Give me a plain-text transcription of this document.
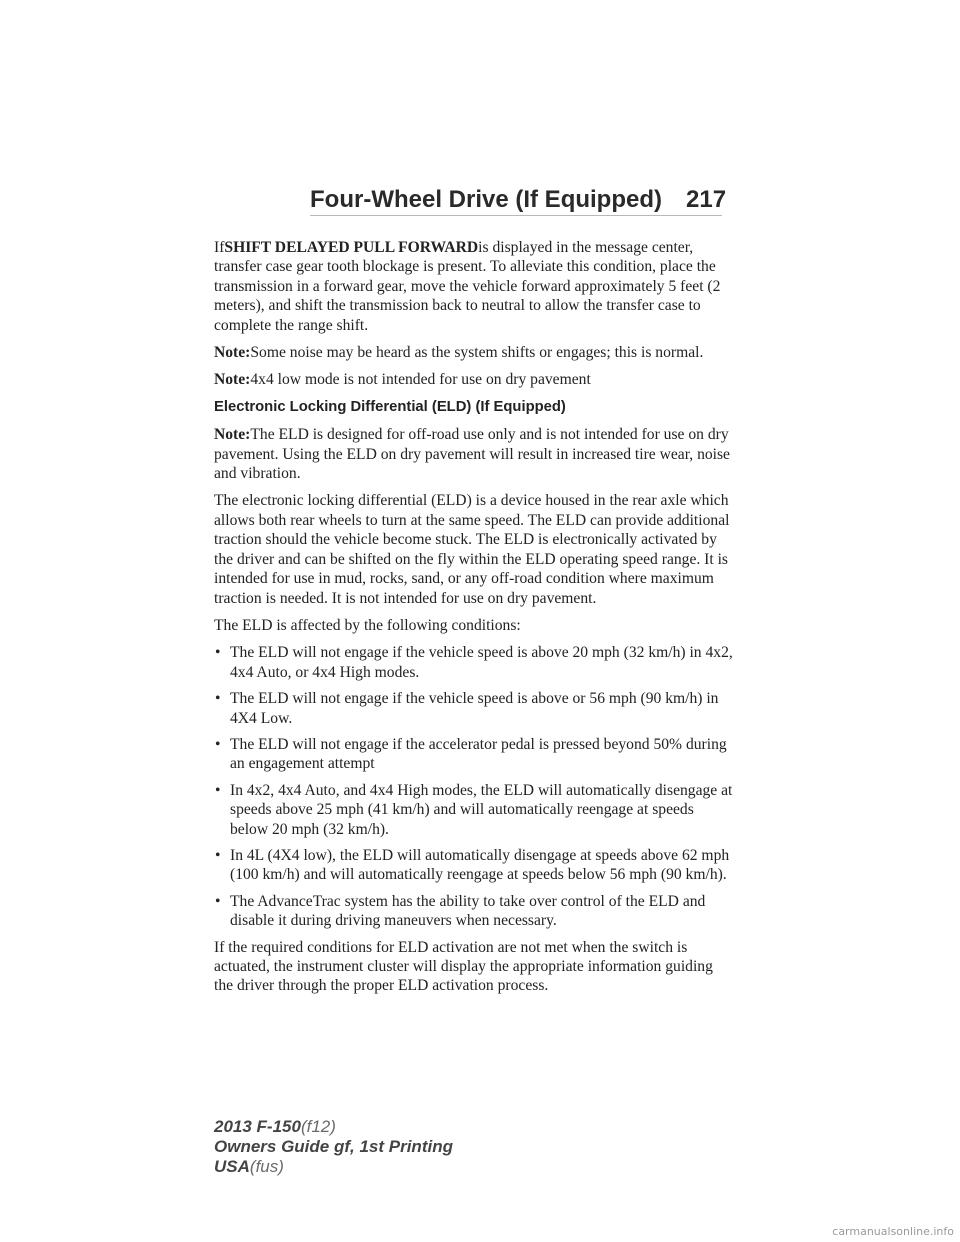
Four-Wheel Drive (If Equipped) 217

IfSHIFT DELAYED PULL FORWARDis displayed in the message center, transfer case gear tooth blockage is present. To alleviate this condition, place the transmission in a forward gear, move the vehicle forward approximately 5 feet (2 meters), and shift the transmission back to neutral to allow the transfer case to complete the range shift.

Note:Some noise may be heard as the system shifts or engages; this is normal.

Note:4x4 low mode is not intended for use on dry pavement

Electronic Locking Differential (ELD) (If Equipped)

Note:The ELD is designed for off-road use only and is not intended for use on dry pavement. Using the ELD on dry pavement will result in increased tire wear, noise and vibration.

The electronic locking differential (ELD) is a device housed in the rear axle which allows both rear wheels to turn at the same speed. The ELD can provide additional traction should the vehicle become stuck. The ELD is electronically activated by the driver and can be shifted on the fly within the ELD operating speed range. It is intended for use in mud, rocks, sand, or any off-road condition where maximum traction is needed. It is not intended for use on dry pavement.

The ELD is affected by the following conditions:

• The ELD will not engage if the vehicle speed is above 20 mph (32 km/h) in 4x2, 4x4 Auto, or 4x4 High modes.
• The ELD will not engage if the vehicle speed is above or 56 mph (90 km/h) in 4X4 Low.
• The ELD will not engage if the accelerator pedal is pressed beyond 50% during an engagement attempt
• In 4x2, 4x4 Auto, and 4x4 High modes, the ELD will automatically disengage at speeds above 25 mph (41 km/h) and will automatically reengage at speeds below 20 mph (32 km/h).
• In 4L (4X4 low), the ELD will automatically disengage at speeds above 62 mph (100 km/h) and will automatically reengage at speeds below 56 mph (90 km/h).
• The AdvanceTrac system has the ability to take over control of the ELD and disable it during driving maneuvers when necessary.

If the required conditions for ELD activation are not met when the switch is actuated, the instrument cluster will display the appropriate information guiding the driver through the proper ELD activation process.

2013 F-150(f12)
Owners Guide gf, 1st Printing
USA(fus)
carmanualsonline.info
